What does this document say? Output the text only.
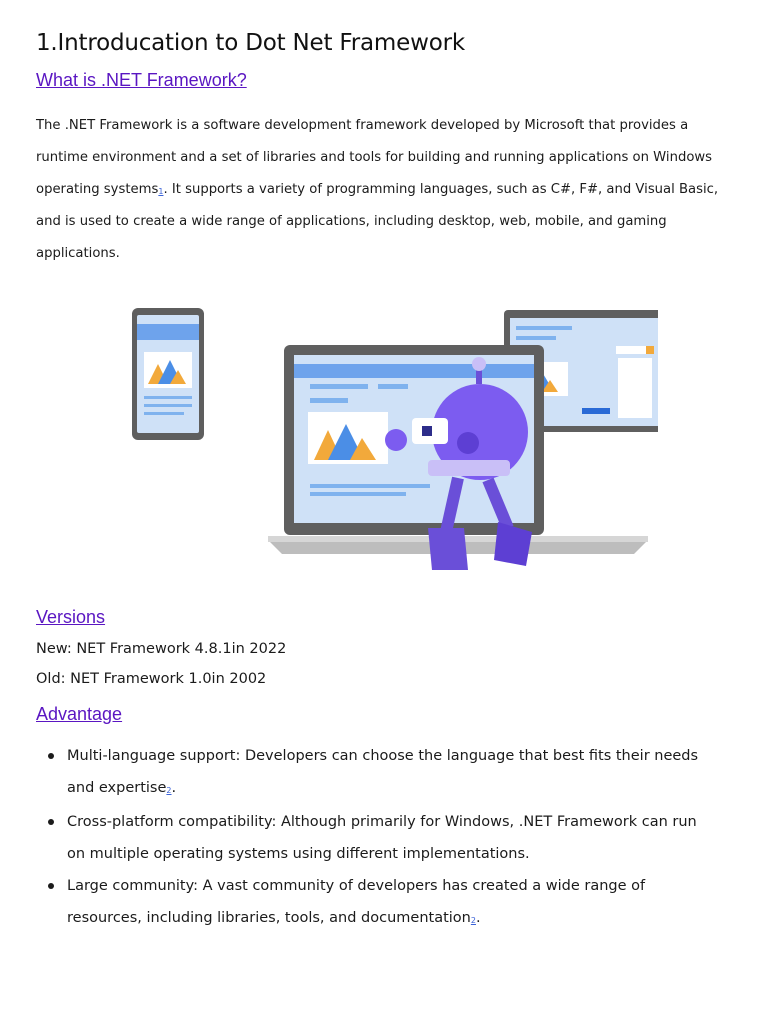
1.Introducation to Dot Net Framework
What is .NET Framework?

The .NET Framework is a software development framework developed by Microsoft that provides a
runtime environment and a set of libraries and tools for building and running applications on Windows
operating systems$^1$. It supports a variety of programming languages, such as C#, F#, and Visual Basic,
and is used to create a wide range of applications, including desktop, web, mobile, and gaming
applications.

Versions

New: NET Framework 4.8.1in 2022

Old: NET Framework 1.0in 2002

Advantage
Multi-language support: Developers can choose the language that best fits their needs
and expertise$^2$.
Cross-platform compatibility: Although primarily for Windows, .NET Framework can run
on multiple operating systems using different implementations.
Large community: A vast community of developers has created a wide range of
resources, including libraries, tools, and documentation$^2$.
